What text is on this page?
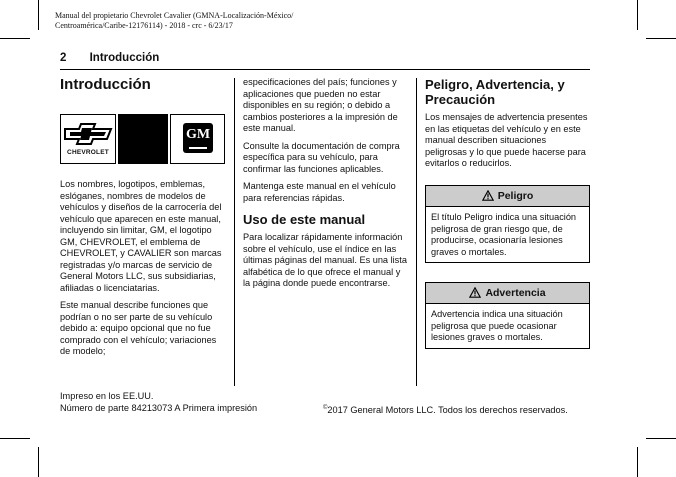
Manual del propietario Chevrolet Cavalier (GMNA-Localización-México/
Centroamérica/Caribe-12176114) - 2018 - crc - 6/23/17
2 Introducción
Introducción
CHEVROLET
GM

Los nombres, logotipos, emblemas, eslóganes, nombres de modelos de vehículos y diseños de la carrocería del vehículo que aparecen en este manual, incluyendo sin limitar, GM, el logotipo GM, CHEVROLET, el emblema de CHEVROLET, y CAVALIER son marcas registradas y/o marcas de servicio de General Motors LLC, sus subsidiarias, afiliadas o licenciatarias.

Este manual describe funciones que podrían o no ser parte de su vehículo debido a: equipo opcional que no fue comprado con el vehículo; variaciones de modelo;

especificaciones del país; funciones y aplicaciones que pueden no estar disponibles en su región; o debido a cambios posteriores a la impresión de este manual.

Consulte la documentación de compra específica para su vehículo, para confirmar las funciones aplicables.

Mantenga este manual en el vehículo para referencias rápidas.

Uso de este manual

Para localizar rápidamente información sobre el vehículo, use el índice en las últimas páginas del manual. Es una lista alfabética de lo que ofrece el manual y la página donde puede encontrarse.

Peligro, Advertencia, y Precaución

Los mensajes de advertencia presentes en las etiquetas del vehículo y en este manual describen situaciones peligrosas y lo que puede hacerse para evitarlos o reducirlos.

Peligro
El título Peligro indica una situación peligrosa de gran riesgo que, de producirse, ocasionaría lesiones graves o mortales.
Advertencia
Advertencia indica una situación peligrosa que puede ocasionar lesiones graves o mortales.
Impreso en los EE.UU.
Número de parte 84213073 A Primera impresión	©2017 General Motors LLC. Todos los derechos reservados.
